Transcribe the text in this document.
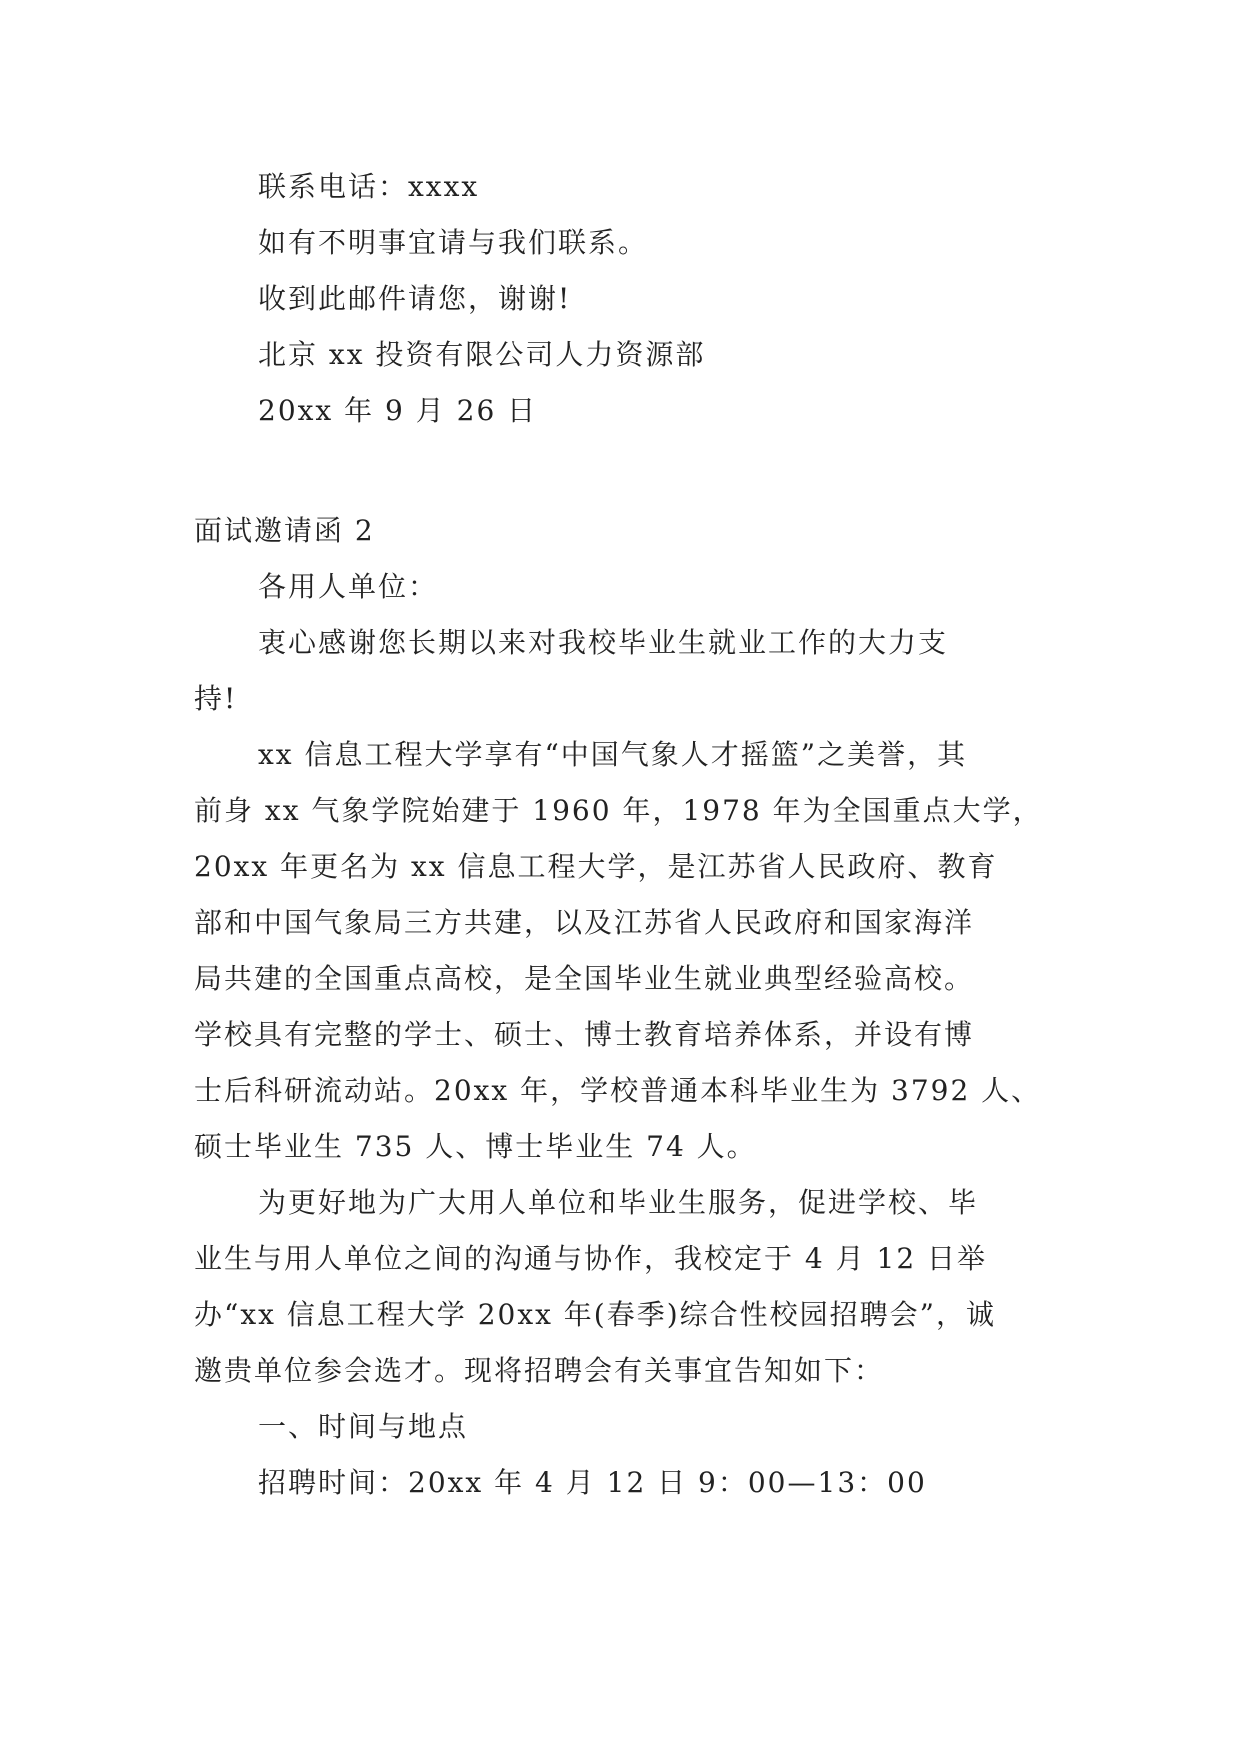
联系电话：xxxx

如有不明事宜请与我们联系。

收到此邮件请您，谢谢!

北京 xx 投资有限公司人力资源部

20xx 年 9 月 26 日

面试邀请函 2

各用人单位：

衷心感谢您长期以来对我校毕业生就业工作的大力支

持!

xx 信息工程大学享有“中国气象人才摇篮”之美誉，其

前身 xx 气象学院始建于 1960 年，1978 年为全国重点大学，

20xx 年更名为 xx 信息工程大学，是江苏省人民政府、教育

部和中国气象局三方共建，以及江苏省人民政府和国家海洋

局共建的全国重点高校，是全国毕业生就业典型经验高校。

学校具有完整的学士、硕士、博士教育培养体系，并设有博

士后科研流动站。20xx 年，学校普通本科毕业生为 3792 人、

硕士毕业生 735 人、博士毕业生 74 人。

为更好地为广大用人单位和毕业生服务，促进学校、毕

业生与用人单位之间的沟通与协作，我校定于 4 月 12 日举

办“xx 信息工程大学 20xx 年(春季)综合性校园招聘会”，诚

邀贵单位参会选才。现将招聘会有关事宜告知如下：

一、时间与地点

招聘时间：20xx 年 4 月 12 日 9：00—13：00
